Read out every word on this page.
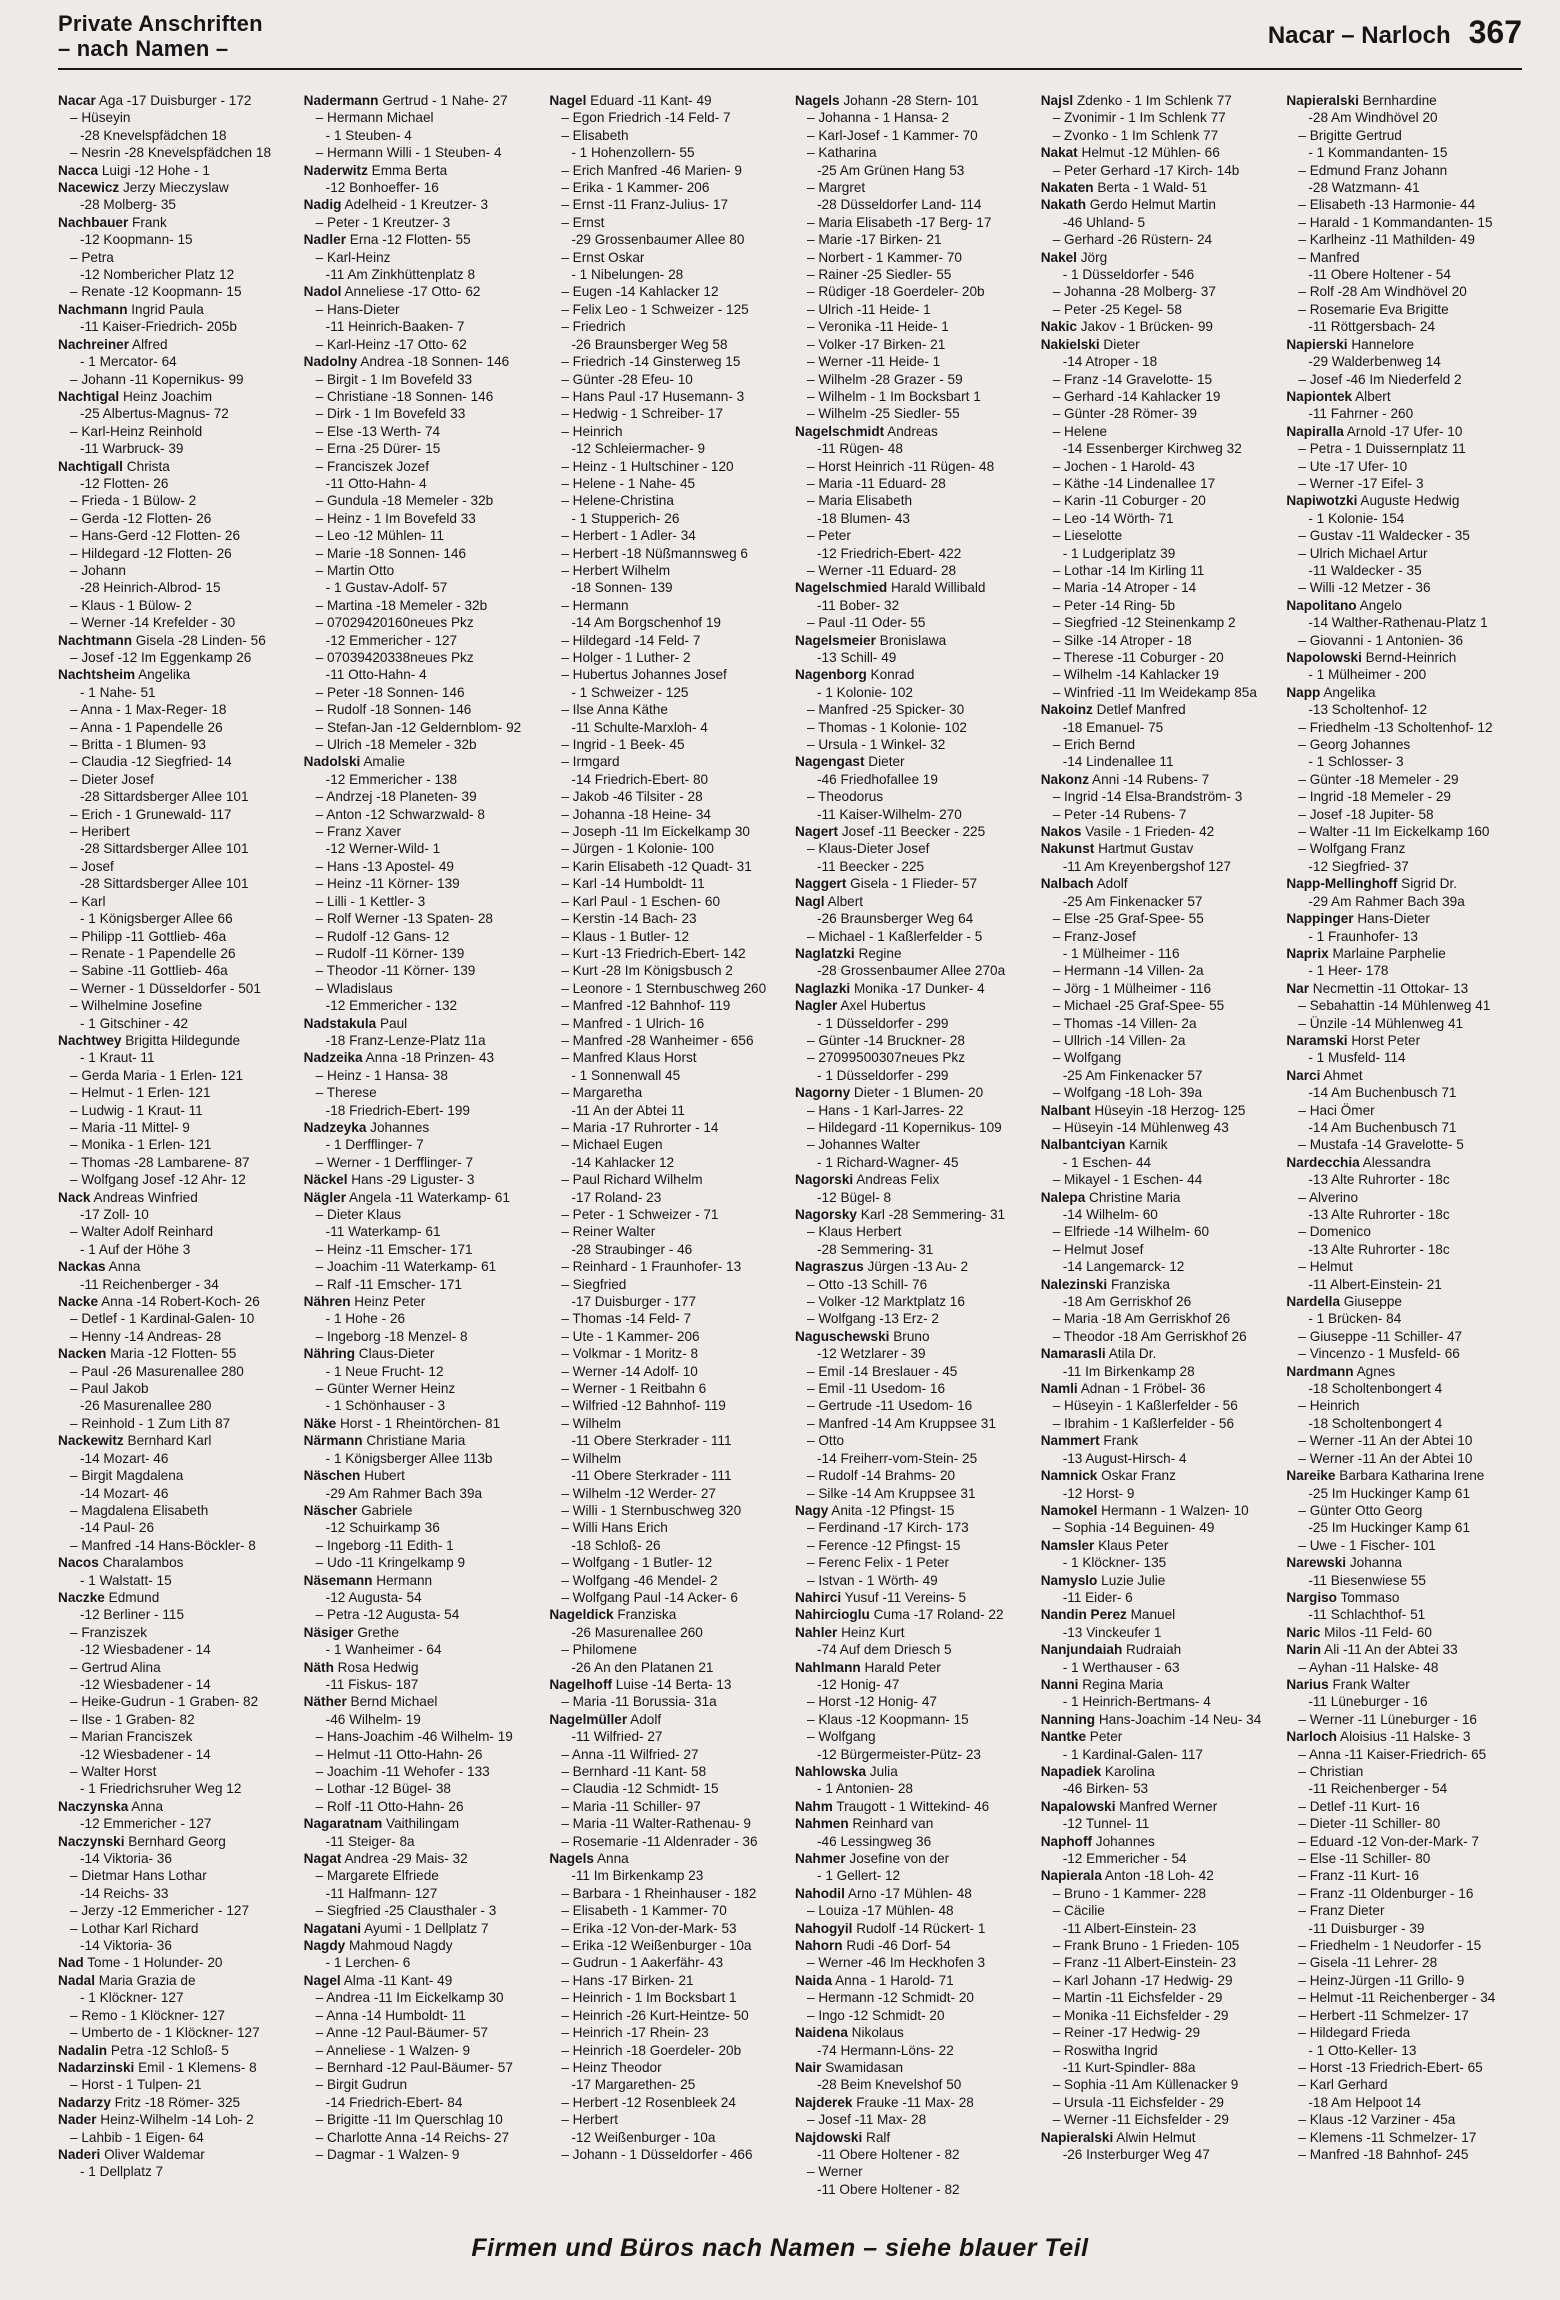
Private Anschriften
– nach Namen –	Nacar – Narloch 367
Nacar Aga -17 Duisburger - 172
– Hüseyin
-28 Knevelspfädchen 18
– Nesrin -28 Knevelspfädchen 18
Nacca Luigi -12 Hohe - 1
Nacewicz Jerzy Mieczyslaw
-28 Molberg- 35
Nachbauer Frank
-12 Koopmann- 15
– Petra
-12 Nombericher Platz 12
– Renate -12 Koopmann- 15
Nachmann Ingrid Paula
-11 Kaiser-Friedrich- 205b
Nachreiner Alfred
- 1 Mercator- 64
– Johann -11 Kopernikus- 99
Nachtigal Heinz Joachim
-25 Albertus-Magnus- 72
– Karl-Heinz Reinhold
-11 Warbruck- 39
Nachtigall Christa
-12 Flotten- 26
– Frieda - 1 Bülow- 2
– Gerda -12 Flotten- 26
– Hans-Gerd -12 Flotten- 26
– Hildegard -12 Flotten- 26
– Johann
-28 Heinrich-Albrod- 15
– Klaus - 1 Bülow- 2
– Werner -14 Krefelder - 30
Nachtmann Gisela -28 Linden- 56
– Josef -12 Im Eggenkamp 26
Nachtsheim Angelika
- 1 Nahe- 51
– Anna - 1 Max-Reger- 18
– Anna - 1 Papendelle 26
– Britta - 1 Blumen- 93
– Claudia -12 Siegfried- 14
– Dieter Josef
-28 Sittardsberger Allee 101
– Erich - 1 Grunewald- 117
– Heribert
-28 Sittardsberger Allee 101
– Josef
-28 Sittardsberger Allee 101
– Karl
- 1 Königsberger Allee 66
– Philipp -11 Gottlieb- 46a
– Renate - 1 Papendelle 26
– Sabine -11 Gottlieb- 46a
– Werner - 1 Düsseldorfer - 501
– Wilhelmine Josefine
- 1 Gitschiner - 42
Nachtwey Brigitta Hildegunde
- 1 Kraut- 11
– Gerda Maria - 1 Erlen- 121
– Helmut - 1 Erlen- 121
– Ludwig - 1 Kraut- 11
– Maria -11 Mittel- 9
– Monika - 1 Erlen- 121
– Thomas -28 Lambarene- 87
– Wolfgang Josef -12 Ahr- 12
Nack Andreas Winfried
-17 Zoll- 10
– Walter Adolf Reinhard
- 1 Auf der Höhe 3
Nackas Anna
-11 Reichenberger - 34
Nacke Anna -14 Robert-Koch- 26
– Detlef - 1 Kardinal-Galen- 10
– Henny -14 Andreas- 28
Nacken Maria -12 Flotten- 55
– Paul -26 Masurenallee 280
– Paul Jakob
-26 Masurenallee 280
– Reinhold - 1 Zum Lith 87
Nackewitz Bernhard Karl
-14 Mozart- 46
– Birgit Magdalena
-14 Mozart- 46
– Magdalena Elisabeth
-14 Paul- 26
– Manfred -14 Hans-Böckler- 8
Nacos Charalambos
- 1 Walstatt- 15
Naczke Edmund
-12 Berliner - 115
– Franziszek
-12 Wiesbadener - 14
– Gertrud Alina
-12 Wiesbadener - 14
– Heike-Gudrun - 1 Graben- 82
– Ilse - 1 Graben- 82
– Marian Franciszek
-12 Wiesbadener - 14
– Walter Horst
- 1 Friedrichsruher Weg 12
Naczynska Anna
-12 Emmericher - 127
Naczynski Bernhard Georg
-14 Viktoria- 36
– Dietmar Hans Lothar
-14 Reichs- 33
– Jerzy -12 Emmericher - 127
– Lothar Karl Richard
-14 Viktoria- 36
Nad Tome - 1 Holunder- 20
Nadal Maria Grazia de
- 1 Klöckner- 127
– Remo - 1 Klöckner- 127
– Umberto de - 1 Klöckner- 127
Nadalin Petra -12 Schloß- 5
Nadarzinski Emil - 1 Klemens- 8
– Horst - 1 Tulpen- 21
Nadarzy Fritz -18 Römer- 325
Nader Heinz-Wilhelm -14 Loh- 2
– Lahbib - 1 Eigen- 64
Naderi Oliver Waldemar
- 1 Dellplatz 7
Nadermann Gertrud - 1 Nahe- 27
– Hermann Michael
- 1 Steuben- 4
– Hermann Willi - 1 Steuben- 4
Naderwitz Emma Berta
-12 Bonhoeffer- 16
Nadig Adelheid - 1 Kreutzer- 3
– Peter - 1 Kreutzer- 3
Nadler Erna -12 Flotten- 55
– Karl-Heinz
-11 Am Zinkhüttenplatz 8
Nadol Anneliese -17 Otto- 62
– Hans-Dieter
-11 Heinrich-Baaken- 7
– Karl-Heinz -17 Otto- 62
Nadolny Andrea -18 Sonnen- 146
– Birgit - 1 Im Bovefeld 33
– Christiane -18 Sonnen- 146
– Dirk - 1 Im Bovefeld 33
– Else -13 Werth- 74
– Erna -25 Dürer- 15
– Franciszek Jozef
-11 Otto-Hahn- 4
– Gundula -18 Memeler - 32b
– Heinz - 1 Im Bovefeld 33
– Leo -12 Mühlen- 11
– Marie -18 Sonnen- 146
– Martin Otto
- 1 Gustav-Adolf- 57
– Martina -18 Memeler - 32b
– 07029420160neues Pkz
-12 Emmericher - 127
– 07039420338neues Pkz
-11 Otto-Hahn- 4
– Peter -18 Sonnen- 146
– Rudolf -18 Sonnen- 146
– Stefan-Jan -12 Geldernblom- 92
– Ulrich -18 Memeler - 32b
Nadolski Amalie
-12 Emmericher - 138
– Andrzej -18 Planeten- 39
– Anton -12 Schwarzwald- 8
– Franz Xaver
-12 Werner-Wild- 1
– Hans -13 Apostel- 49
– Heinz -11 Körner- 139
– Lilli - 1 Kettler- 3
– Rolf Werner -13 Spaten- 28
– Rudolf -12 Gans- 12
– Rudolf -11 Körner- 139
– Theodor -11 Körner- 139
– Wladislaus
-12 Emmericher - 132
Nadstakula Paul
-18 Franz-Lenze-Platz 11a
Nadzeika Anna -18 Prinzen- 43
– Heinz - 1 Hansa- 38
– Therese
-18 Friedrich-Ebert- 199
Nadzeyka Johannes
- 1 Derfflinger- 7
– Werner - 1 Derfflinger- 7
Näckel Hans -29 Liguster- 3
Nägler Angela -11 Waterkamp- 61
– Dieter Klaus
-11 Waterkamp- 61
– Heinz -11 Emscher- 171
– Joachim -11 Waterkamp- 61
– Ralf -11 Emscher- 171
Nähren Heinz Peter
- 1 Hohe - 26
– Ingeborg -18 Menzel- 8
Nähring Claus-Dieter
- 1 Neue Frucht- 12
– Günter Werner Heinz
- 1 Schönhauser - 3
Näke Horst - 1 Rheintörchen- 81
Närmann Christiane Maria
- 1 Königsberger Allee 113b
Näschen Hubert
-29 Am Rahmer Bach 39a
Näscher Gabriele
-12 Schuirkamp 36
– Ingeborg -11 Edith- 1
– Udo -11 Kringelkamp 9
Näsemann Hermann
-12 Augusta- 54
– Petra -12 Augusta- 54
Näsiger Grethe
- 1 Wanheimer - 64
Näth Rosa Hedwig
-11 Fiskus- 187
Näther Bernd Michael
-46 Wilhelm- 19
– Hans-Joachim -46 Wilhelm- 19
– Helmut -11 Otto-Hahn- 26
– Joachim -11 Wehofer - 133
– Lothar -12 Bügel- 38
– Rolf -11 Otto-Hahn- 26
Nagaratnam Vaithilingam
-11 Steiger- 8a
Nagat Andrea -29 Mais- 32
– Margarete Elfriede
-11 Halfmann- 127
– Siegfried -25 Clausthaler - 3
Nagatani Ayumi - 1 Dellplatz 7
Nagdy Mahmoud Nagdy
- 1 Lerchen- 6
Nagel Alma -11 Kant- 49
– Andrea -11 Im Eickelkamp 30
– Anna -14 Humboldt- 11
– Anne -12 Paul-Bäumer- 57
– Anneliese - 1 Walzen- 9
– Bernhard -12 Paul-Bäumer- 57
– Birgit Gudrun
-14 Friedrich-Ebert- 84
– Brigitte -11 Im Querschlag 10
– Charlotte Anna -14 Reichs- 27
– Dagmar - 1 Walzen- 9
Nagel Eduard -11 Kant- 49
– Egon Friedrich -14 Feld- 7
– Elisabeth
- 1 Hohenzollern- 55
– Erich Manfred -46 Marien- 9
– Erika - 1 Kammer- 206
– Ernst -11 Franz-Julius- 17
– Ernst
-29 Grossenbaumer Allee 80
– Ernst Oskar
- 1 Nibelungen- 28
– Eugen -14 Kahlacker 12
– Felix Leo - 1 Schweizer - 125
– Friedrich
-26 Braunsberger Weg 58
– Friedrich -14 Ginsterweg 15
– Günter -28 Efeu- 10
– Hans Paul -17 Husemann- 3
– Hedwig - 1 Schreiber- 17
– Heinrich
-12 Schleiermacher- 9
– Heinz - 1 Hultschiner - 120
– Helene - 1 Nahe- 45
– Helene-Christina
- 1 Stupperich- 26
– Herbert - 1 Adler- 34
– Herbert -18 Nüßmannsweg 6
– Herbert Wilhelm
-18 Sonnen- 139
– Hermann
-14 Am Borgschenhof 19
– Hildegard -14 Feld- 7
– Holger - 1 Luther- 2
– Hubertus Johannes Josef
- 1 Schweizer - 125
– Ilse Anna Käthe
-11 Schulte-Marxloh- 4
– Ingrid - 1 Beek- 45
– Irmgard
-14 Friedrich-Ebert- 80
– Jakob -46 Tilsiter - 28
– Johanna -18 Heine- 34
– Joseph -11 Im Eickelkamp 30
– Jürgen - 1 Kolonie- 100
– Karin Elisabeth -12 Quadt- 31
– Karl -14 Humboldt- 11
– Karl Paul - 1 Eschen- 60
– Kerstin -14 Bach- 23
– Klaus - 1 Butler- 12
– Kurt -13 Friedrich-Ebert- 142
– Kurt -28 Im Königsbusch 2
– Leonore - 1 Sternbuschweg 260
– Manfred -12 Bahnhof- 119
– Manfred - 1 Ulrich- 16
– Manfred -28 Wanheimer - 656
– Manfred Klaus Horst
- 1 Sonnenwall 45
– Margaretha
-11 An der Abtei 11
– Maria -17 Ruhrorter - 14
– Michael Eugen
-14 Kahlacker 12
– Paul Richard Wilhelm
-17 Roland- 23
– Peter - 1 Schweizer - 71
– Reiner Walter
-28 Straubinger - 46
– Reinhard - 1 Fraunhofer- 13
– Siegfried
-17 Duisburger - 177
– Thomas -14 Feld- 7
– Ute - 1 Kammer- 206
– Volkmar - 1 Moritz- 8
– Werner -14 Adolf- 10
– Werner - 1 Reitbahn 6
– Wilfried -12 Bahnhof- 119
– Wilhelm
-11 Obere Sterkrader - 111
– Wilhelm
-11 Obere Sterkrader - 111
– Wilhelm -12 Werder- 27
– Willi - 1 Sternbuschweg 320
– Willi Hans Erich
-18 Schloß- 26
– Wolfgang - 1 Butler- 12
– Wolfgang -46 Mendel- 2
– Wolfgang Paul -14 Acker- 6
Nageldick Franziska
-26 Masurenallee 260
– Philomene
-26 An den Platanen 21
Nagelhoff Luise -14 Berta- 13
– Maria -11 Borussia- 31a
Nagelmüller Adolf
-11 Wilfried- 27
– Anna -11 Wilfried- 27
– Bernhard -11 Kant- 58
– Claudia -12 Schmidt- 15
– Maria -11 Schiller- 97
– Maria -11 Walter-Rathenau- 9
– Rosemarie -11 Aldenrader - 36
Nagels Anna
-11 Im Birkenkamp 23
– Barbara - 1 Rheinhauser - 182
– Elisabeth - 1 Kammer- 70
– Erika -12 Von-der-Mark- 53
– Erika -12 Weißenburger - 10a
– Gudrun - 1 Aakerfähr- 43
– Hans -17 Birken- 21
– Heinrich - 1 Im Bocksbart 1
– Heinrich -26 Kurt-Heintze- 50
– Heinrich -17 Rhein- 23
– Heinrich -18 Goerdeler- 20b
– Heinz Theodor
-17 Margarethen- 25
– Herbert -12 Rosenbleek 24
– Herbert
-12 Weißenburger - 10a
– Johann - 1 Düsseldorfer - 466
Nagels Johann -28 Stern- 101
– Johanna - 1 Hansa- 2
– Karl-Josef - 1 Kammer- 70
– Katharina
-25 Am Grünen Hang 53
– Margret
-28 Düsseldorfer Land- 114
– Maria Elisabeth -17 Berg- 17
– Marie -17 Birken- 21
– Norbert - 1 Kammer- 70
– Rainer -25 Siedler- 55
– Rüdiger -18 Goerdeler- 20b
– Ulrich -11 Heide- 1
– Veronika -11 Heide- 1
– Volker -17 Birken- 21
– Werner -11 Heide- 1
– Wilhelm -28 Grazer - 59
– Wilhelm - 1 Im Bocksbart 1
– Wilhelm -25 Siedler- 55
Nagelschmidt Andreas
-11 Rügen- 48
– Horst Heinrich -11 Rügen- 48
– Maria -11 Eduard- 28
– Maria Elisabeth
-18 Blumen- 43
– Peter
-12 Friedrich-Ebert- 422
– Werner -11 Eduard- 28
Nagelschmied Harald Willibald
-11 Bober- 32
– Paul -11 Oder- 55
Nagelsmeier Bronislawa
-13 Schill- 49
Nagenborg Konrad
- 1 Kolonie- 102
– Manfred -25 Spicker- 30
– Thomas - 1 Kolonie- 102
– Ursula - 1 Winkel- 32
Nagengast Dieter
-46 Friedhofallee 19
– Theodorus
-11 Kaiser-Wilhelm- 270
Nagert Josef -11 Beecker - 225
– Klaus-Dieter Josef
-11 Beecker - 225
Naggert Gisela - 1 Flieder- 57
Nagl Albert
-26 Braunsberger Weg 64
– Michael - 1 Kaßlerfelder - 5
Naglatzki Regine
-28 Grossenbaumer Allee 270a
Naglazki Monika -17 Dunker- 4
Nagler Axel Hubertus
- 1 Düsseldorfer - 299
– Günter -14 Bruckner- 28
– 27099500307neues Pkz
- 1 Düsseldorfer - 299
Nagorny Dieter - 1 Blumen- 20
– Hans - 1 Karl-Jarres- 22
– Hildegard -11 Kopernikus- 109
– Johannes Walter
- 1 Richard-Wagner- 45
Nagorski Andreas Felix
-12 Bügel- 8
Nagorsky Karl -28 Semmering- 31
– Klaus Herbert
-28 Semmering- 31
Nagraszus Jürgen -13 Au- 2
– Otto -13 Schill- 76
– Volker -12 Marktplatz 16
– Wolfgang -13 Erz- 2
Naguschewski Bruno
-12 Wetzlarer - 39
– Emil -14 Breslauer - 45
– Emil -11 Usedom- 16
– Gertrude -11 Usedom- 16
– Manfred -14 Am Kruppsee 31
– Otto
-14 Freiherr-vom-Stein- 25
– Rudolf -14 Brahms- 20
– Silke -14 Am Kruppsee 31
Nagy Anita -12 Pfingst- 15
– Ferdinand -17 Kirch- 173
– Ference -12 Pfingst- 15
– Ferenc Felix - 1 Peter
– Istvan - 1 Wörth- 49
Nahirci Yusuf -11 Vereins- 5
Nahircioglu Cuma -17 Roland- 22
Nahler Heinz Kurt
-74 Auf dem Driesch 5
Nahlmann Harald Peter
-12 Honig- 47
– Horst -12 Honig- 47
– Klaus -12 Koopmann- 15
– Wolfgang
-12 Bürgermeister-Pütz- 23
Nahlowska Julia
- 1 Antonien- 28
Nahm Traugott - 1 Wittekind- 46
Nahmen Reinhard van
-46 Lessingweg 36
Nahmer Josefine von der
- 1 Gellert- 12
Nahodil Arno -17 Mühlen- 48
– Louiza -17 Mühlen- 48
Nahogyil Rudolf -14 Rückert- 1
Nahorn Rudi -46 Dorf- 54
– Werner -46 Im Heckhofen 3
Naida Anna - 1 Harold- 71
– Hermann -12 Schmidt- 20
– Ingo -12 Schmidt- 20
Naidena Nikolaus
-74 Hermann-Löns- 22
Nair Swamidasan
-28 Beim Knevelshof 50
Najderek Frauke -11 Max- 28
– Josef -11 Max- 28
Najdowski Ralf
-11 Obere Holtener - 82
– Werner
-11 Obere Holtener - 82
Najsl Zdenko - 1 Im Schlenk 77
– Zvonimir - 1 Im Schlenk 77
– Zvonko - 1 Im Schlenk 77
Nakat Helmut -12 Mühlen- 66
– Peter Gerhard -17 Kirch- 14b
Nakaten Berta - 1 Wald- 51
Nakath Gerdo Helmut Martin
-46 Uhland- 5
– Gerhard -26 Rüstern- 24
Nakel Jörg
- 1 Düsseldorfer - 546
– Johanna -28 Molberg- 37
– Peter -25 Kegel- 58
Nakic Jakov - 1 Brücken- 99
Nakielski Dieter
-14 Atroper - 18
– Franz -14 Gravelotte- 15
– Gerhard -14 Kahlacker 19
– Günter -28 Römer- 39
– Helene
-14 Essenberger Kirchweg 32
– Jochen - 1 Harold- 43
– Käthe -14 Lindenallee 17
– Karin -11 Coburger - 20
– Leo -14 Wörth- 71
– Lieselotte
- 1 Ludgeriplatz 39
– Lothar -14 Im Kirling 11
– Maria -14 Atroper - 14
– Peter -14 Ring- 5b
– Siegfried -12 Steinenkamp 2
– Silke -14 Atroper - 18
– Therese -11 Coburger - 20
– Wilhelm -14 Kahlacker 19
– Winfried -11 Im Weidekamp 85a
Nakoinz Detlef Manfred
-18 Emanuel- 75
– Erich Bernd
-14 Lindenallee 11
Nakonz Anni -14 Rubens- 7
– Ingrid -14 Elsa-Brandström- 3
– Peter -14 Rubens- 7
Nakos Vasile - 1 Frieden- 42
Nakunst Hartmut Gustav
-11 Am Kreyenbergshof 127
Nalbach Adolf
-25 Am Finkenacker 57
– Else -25 Graf-Spee- 55
– Franz-Josef
- 1 Mülheimer - 116
– Hermann -14 Villen- 2a
– Jörg - 1 Mülheimer - 116
– Michael -25 Graf-Spee- 55
– Thomas -14 Villen- 2a
– Ullrich -14 Villen- 2a
– Wolfgang
-25 Am Finkenacker 57
– Wolfgang -18 Loh- 39a
Nalbant Hüseyin -18 Herzog- 125
– Hüseyin -14 Mühlenweg 43
Nalbantciyan Karnik
- 1 Eschen- 44
– Mikayel - 1 Eschen- 44
Nalepa Christine Maria
-14 Wilhelm- 60
– Elfriede -14 Wilhelm- 60
– Helmut Josef
-14 Langemarck- 12
Nalezinski Franziska
-18 Am Gerriskhof 26
– Maria -18 Am Gerriskhof 26
– Theodor -18 Am Gerriskhof 26
Namarasli Atila Dr.
-11 Im Birkenkamp 28
Namli Adnan - 1 Fröbel- 36
– Hüseyin - 1 Kaßlerfelder - 56
– Ibrahim - 1 Kaßlerfelder - 56
Nammert Frank
-13 August-Hirsch- 4
Namnick Oskar Franz
-12 Horst- 9
Namokel Hermann - 1 Walzen- 10
– Sophia -14 Beguinen- 49
Namsler Klaus Peter
- 1 Klöckner- 135
Namyslo Luzie Julie
-11 Eider- 6
Nandin Perez Manuel
-13 Vinckeufer 1
Nanjundaiah Rudraiah
- 1 Werthauser - 63
Nanni Regina Maria
- 1 Heinrich-Bertmans- 4
Nanning Hans-Joachim -14 Neu- 34
Nantke Peter
- 1 Kardinal-Galen- 117
Napadiek Karolina
-46 Birken- 53
Napalowski Manfred Werner
-12 Tunnel- 11
Naphoff Johannes
-12 Emmericher - 54
Napierala Anton -18 Loh- 42
– Bruno - 1 Kammer- 228
– Cäcilie
-11 Albert-Einstein- 23
– Frank Bruno - 1 Frieden- 105
– Franz -11 Albert-Einstein- 23
– Karl Johann -17 Hedwig- 29
– Martin -11 Eichsfelder - 29
– Monika -11 Eichsfelder - 29
– Reiner -17 Hedwig- 29
– Roswitha Ingrid
-11 Kurt-Spindler- 88a
– Sophia -11 Am Küllenacker 9
– Ursula -11 Eichsfelder - 29
– Werner -11 Eichsfelder - 29
Napieralski Alwin Helmut
-26 Insterburger Weg 47
Napieralski Bernhardine
-28 Am Windhövel 20
– Brigitte Gertrud
- 1 Kommandanten- 15
– Edmund Franz Johann
-28 Watzmann- 41
– Elisabeth -13 Harmonie- 44
– Harald - 1 Kommandanten- 15
– Karlheinz -11 Mathilden- 49
– Manfred
-11 Obere Holtener - 54
– Rolf -28 Am Windhövel 20
– Rosemarie Eva Brigitte
-11 Röttgersbach- 24
Napierski Hannelore
-29 Walderbenweg 14
– Josef -46 Im Niederfeld 2
Napiontek Albert
-11 Fahrner - 260
Napiralla Arnold -17 Ufer- 10
– Petra - 1 Duissernplatz 11
– Ute -17 Ufer- 10
– Werner -17 Eifel- 3
Napiwotzki Auguste Hedwig
- 1 Kolonie- 154
– Gustav -11 Waldecker - 35
– Ulrich Michael Artur
-11 Waldecker - 35
– Willi -12 Metzer - 36
Napolitano Angelo
-14 Walther-Rathenau-Platz 1
– Giovanni - 1 Antonien- 36
Napolowski Bernd-Heinrich
- 1 Mülheimer - 200
Napp Angelika
-13 Scholtenhof- 12
– Friedhelm -13 Scholtenhof- 12
– Georg Johannes
- 1 Schlosser- 3
– Günter -18 Memeler - 29
– Ingrid -18 Memeler - 29
– Josef -18 Jupiter- 58
– Walter -11 Im Eickelkamp 160
– Wolfgang Franz
-12 Siegfried- 37
Napp-Mellinghoff Sigrid Dr.
-29 Am Rahmer Bach 39a
Nappinger Hans-Dieter
- 1 Fraunhofer- 13
Naprix Marlaine Parphelie
- 1 Heer- 178
Nar Necmettin -11 Ottokar- 13
– Sebahattin -14 Mühlenweg 41
– Ünzile -14 Mühlenweg 41
Naramski Horst Peter
- 1 Musfeld- 114
Narci Ahmet
-14 Am Buchenbusch 71
– Haci Ömer
-14 Am Buchenbusch 71
– Mustafa -14 Gravelotte- 5
Nardecchia Alessandra
-13 Alte Ruhrorter - 18c
– Alverino
-13 Alte Ruhrorter - 18c
– Domenico
-13 Alte Ruhrorter - 18c
– Helmut
-11 Albert-Einstein- 21
Nardella Giuseppe
- 1 Brücken- 84
– Giuseppe -11 Schiller- 47
– Vincenzo - 1 Musfeld- 66
Nardmann Agnes
-18 Scholtenbongert 4
– Heinrich
-18 Scholtenbongert 4
– Werner -11 An der Abtei 10
– Werner -11 An der Abtei 10
Nareike Barbara Katharina Irene
-25 Im Huckinger Kamp 61
– Günter Otto Georg
-25 Im Huckinger Kamp 61
– Uwe - 1 Fischer- 101
Narewski Johanna
-11 Biesenwiese 55
Nargiso Tommaso
-11 Schlachthof- 51
Naric Milos -11 Feld- 60
Narin Ali -11 An der Abtei 33
– Ayhan -11 Halske- 48
Narius Frank Walter
-11 Lüneburger - 16
– Werner -11 Lüneburger - 16
Narloch Aloisius -11 Halske- 3
– Anna -11 Kaiser-Friedrich- 65
– Christian
-11 Reichenberger - 54
– Detlef -11 Kurt- 16
– Dieter -11 Schiller- 80
– Eduard -12 Von-der-Mark- 7
– Else -11 Schiller- 80
– Franz -11 Kurt- 16
– Franz -11 Oldenburger - 16
– Franz Dieter
-11 Duisburger - 39
– Friedhelm - 1 Neudorfer - 15
– Gisela -11 Lehrer- 28
– Heinz-Jürgen -11 Grillo- 9
– Helmut -11 Reichenberger - 34
– Herbert -11 Schmelzer- 17
– Hildegard Frieda
- 1 Otto-Keller- 13
– Horst -13 Friedrich-Ebert- 65
– Karl Gerhard
-18 Am Helpoot 14
– Klaus -12 Varziner - 45a
– Klemens -11 Schmelzer- 17
– Manfred -18 Bahnhof- 245
Firmen und Büros nach Namen – siehe blauer Teil
